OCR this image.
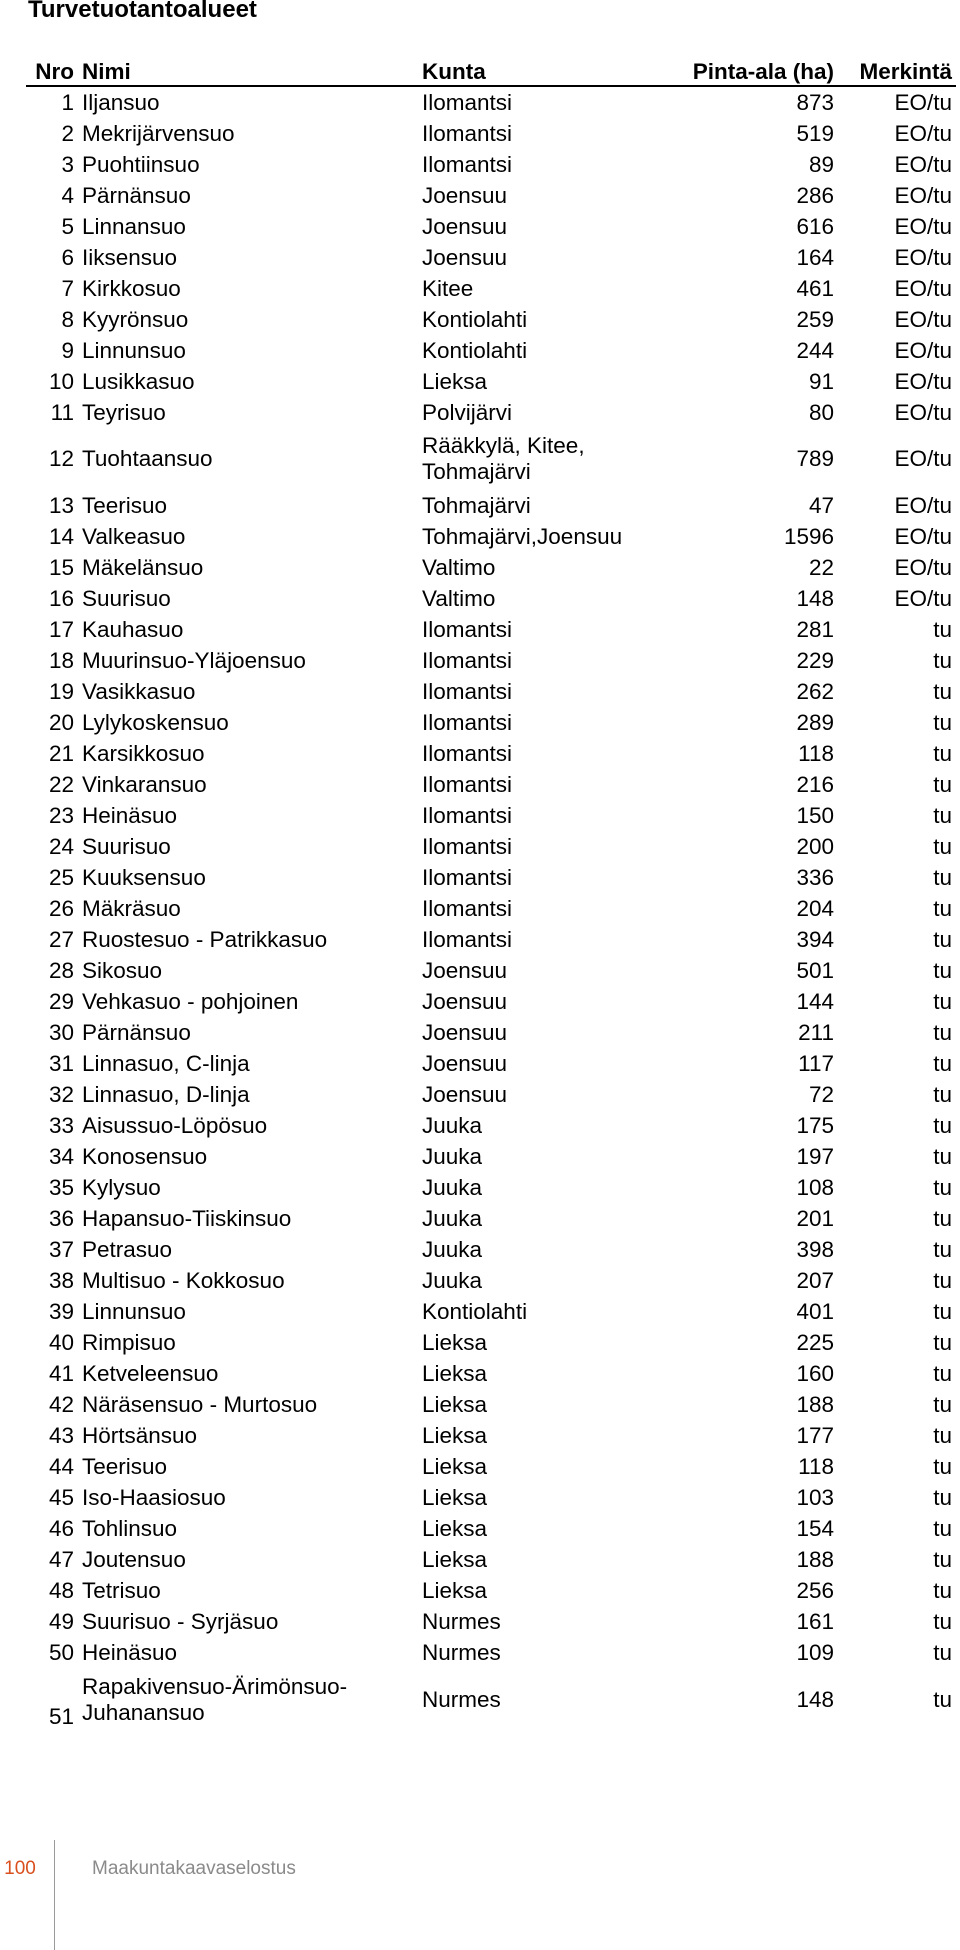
Turvetuotantoalueet
Nro	Nimi	Kunta	Pinta-ala (ha)	Merkintä
1	Iljansuo	Ilomantsi	873	EO/tu
2	Mekrijärvensuo	Ilomantsi	519	EO/tu
3	Puohtiinsuo	Ilomantsi	89	EO/tu
4	Pärnänsuo	Joensuu	286	EO/tu
5	Linnansuo	Joensuu	616	EO/tu
6	Iiksensuo	Joensuu	164	EO/tu
7	Kirkkosuo	Kitee	461	EO/tu
8	Kyyrönsuo	Kontiolahti	259	EO/tu
9	Linnunsuo	Kontiolahti	244	EO/tu
10	Lusikkasuo	Lieksa	91	EO/tu
11	Teyrisuo	Polvijärvi	80	EO/tu
12	Tuohtaansuo	Rääkkylä, Kitee, Tohmajärvi	789	EO/tu
13	Teerisuo	Tohmajärvi	47	EO/tu
14	Valkeasuo	Tohmajärvi,Joensuu	1596	EO/tu
15	Mäkelänsuo	Valtimo	22	EO/tu
16	Suurisuo	Valtimo	148	EO/tu
17	Kauhasuo	Ilomantsi	281	tu
18	Muurinsuo-Yläjoensuo	Ilomantsi	229	tu
19	Vasikkasuo	Ilomantsi	262	tu
20	Lylykoskensuo	Ilomantsi	289	tu
21	Karsikkosuo	Ilomantsi	118	tu
22	Vinkaransuo	Ilomantsi	216	tu
23	Heinäsuo	Ilomantsi	150	tu
24	Suurisuo	Ilomantsi	200	tu
25	Kuuksensuo	Ilomantsi	336	tu
26	Mäkräsuo	Ilomantsi	204	tu
27	Ruostesuo - Patrikkasuo	Ilomantsi	394	tu
28	Sikosuo	Joensuu	501	tu
29	Vehkasuo - pohjoinen	Joensuu	144	tu
30	Pärnänsuo	Joensuu	211	tu
31	Linnasuo, C-linja	Joensuu	117	tu
32	Linnasuo, D-linja	Joensuu	72	tu
33	Aisussuo-Löpösuo	Juuka	175	tu
34	Konosensuo	Juuka	197	tu
35	Kylysuo	Juuka	108	tu
36	Hapansuo-Tiiskinsuo	Juuka	201	tu
37	Petrasuo	Juuka	398	tu
38	Multisuo - Kokkosuo	Juuka	207	tu
39	Linnunsuo	Kontiolahti	401	tu
40	Rimpisuo	Lieksa	225	tu
41	Ketveleensuo	Lieksa	160	tu
42	Näräsensuo - Murtosuo	Lieksa	188	tu
43	Hörtsänsuo	Lieksa	177	tu
44	Teerisuo	Lieksa	118	tu
45	Iso-Haasiosuo	Lieksa	103	tu
46	Tohlinsuo	Lieksa	154	tu
47	Joutensuo	Lieksa	188	tu
48	Tetrisuo	Lieksa	256	tu
49	Suurisuo - Syrjäsuo	Nurmes	161	tu
50	Heinäsuo	Nurmes	109	tu
51	Rapakivensuo-Ärimönsuo-Juhanansuo	Nurmes	148	tu
100	Maakuntakaavaselostus
